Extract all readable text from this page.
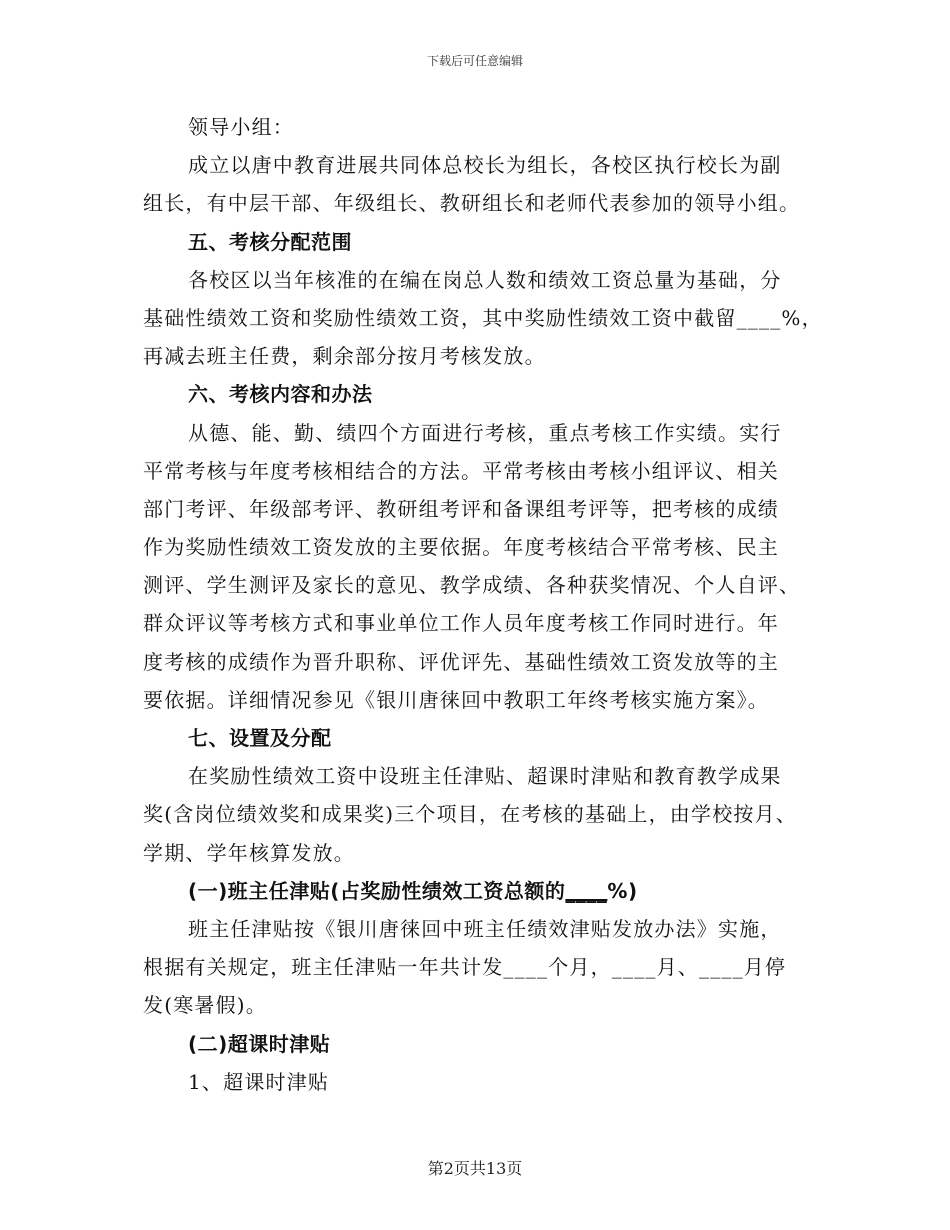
下载后可任意编辑
领导小组：
成立以唐中教育进展共同体总校长为组长，各校区执行校长为副
组长，有中层干部、年级组长、教研组长和老师代表参加的领导小组。
五、考核分配范围
各校区以当年核准的在编在岗总人数和绩效工资总量为基础，分
基础性绩效工资和奖励性绩效工资，其中奖励性绩效工资中截留____%，
再减去班主任费，剩余部分按月考核发放。
六、考核内容和办法
从德、能、勤、绩四个方面进行考核，重点考核工作实绩。实行
平常考核与年度考核相结合的方法。平常考核由考核小组评议、相关
部门考评、年级部考评、教研组考评和备课组考评等，把考核的成绩
作为奖励性绩效工资发放的主要依据。年度考核结合平常考核、民主
测评、学生测评及家长的意见、教学成绩、各种获奖情况、个人自评、
群众评议等考核方式和事业单位工作人员年度考核工作同时进行。年
度考核的成绩作为晋升职称、评优评先、基础性绩效工资发放等的主
要依据。详细情况参见《银川唐徕回中教职工年终考核实施方案》。
七、设置及分配
在奖励性绩效工资中设班主任津贴、超课时津贴和教育教学成果
奖(含岗位绩效奖和成果奖)三个项目，在考核的基础上，由学校按月、
学期、学年核算发放。
(一)班主任津贴(占奖励性绩效工资总额的____%)
班主任津贴按《银川唐徕回中班主任绩效津贴发放办法》实施，
根据有关规定，班主任津贴一年共计发____个月，____月、____月停
发(寒暑假)。
(二)超课时津贴
1、超课时津贴
第2页共13页
